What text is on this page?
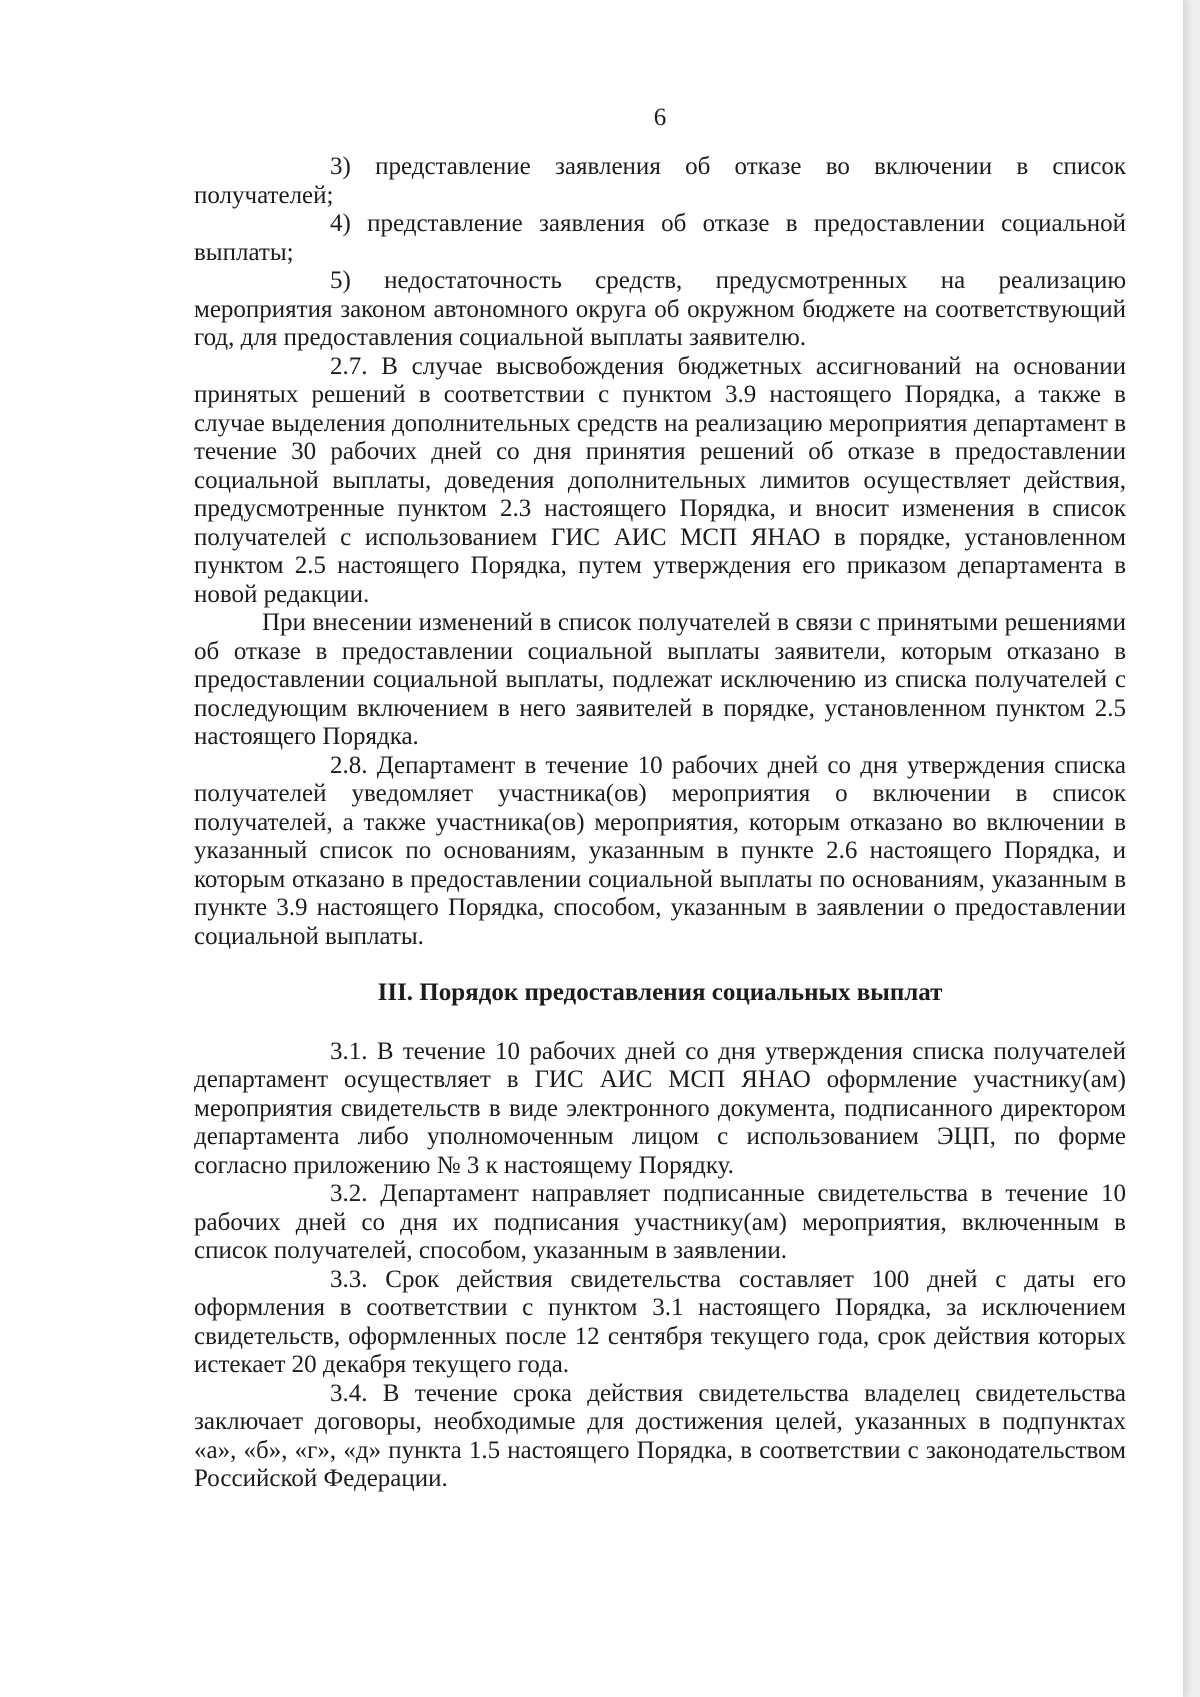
6

3) представление заявления об отказе во включении в список получателей;

4) представление заявления об отказе в предоставлении социальной выплаты;

5) недостаточность средств, предусмотренных на реализацию мероприятия законом автономного округа об окружном бюджете на соответствующий год, для предоставления социальной выплаты заявителю.

2.7. В случае высвобождения бюджетных ассигнований на основании принятых решений в соответствии с пунктом 3.9 настоящего Порядка, а также в случае выделения дополнительных средств на реализацию мероприятия департамент в течение 30 рабочих дней со дня принятия решений об отказе в предоставлении социальной выплаты, доведения дополнительных лимитов осуществляет действия, предусмотренные пунктом 2.3 настоящего Порядка, и вносит изменения в список получателей с использованием ГИС АИС МСП ЯНАО в порядке, установленном пунктом 2.5 настоящего Порядка, путем утверждения его приказом департамента в новой редакции.

При внесении изменений в список получателей в связи с принятыми решениями об отказе в предоставлении социальной выплаты заявители, которым отказано в предоставлении социальной выплаты, подлежат исключению из списка получателей с последующим включением в него заявителей в порядке, установленном пунктом 2.5 настоящего Порядка.

2.8. Департамент в течение 10 рабочих дней со дня утверждения списка получателей уведомляет участника(ов) мероприятия о включении в список получателей, а также участника(ов) мероприятия, которым отказано во включении в указанный список по основаниям, указанным в пункте 2.6 настоящего Порядка, и которым отказано в предоставлении социальной выплаты по основаниям, указанным в пункте 3.9 настоящего Порядка, способом, указанным в заявлении о предоставлении социальной выплаты.

III. Порядок предоставления социальных выплат

3.1. В течение 10 рабочих дней со дня утверждения списка получателей департамент осуществляет в ГИС АИС МСП ЯНАО оформление участнику(ам) мероприятия свидетельств в виде электронного документа, подписанного директором департамента либо уполномоченным лицом с использованием ЭЦП, по форме согласно приложению № 3 к настоящему Порядку.

3.2. Департамент направляет подписанные свидетельства в течение 10 рабочих дней со дня их подписания участнику(ам) мероприятия, включенным в список получателей, способом, указанным в заявлении.

3.3. Срок действия свидетельства составляет 100 дней с даты его оформления в соответствии с пунктом 3.1 настоящего Порядка, за исключением свидетельств, оформленных после 12 сентября текущего года, срок действия которых истекает 20 декабря текущего года.

3.4. В течение срока действия свидетельства владелец свидетельства заключает договоры, необходимые для достижения целей, указанных в подпунктах «а», «б», «г», «д» пункта 1.5 настоящего Порядка, в соответствии с законодательством Российской Федерации.
